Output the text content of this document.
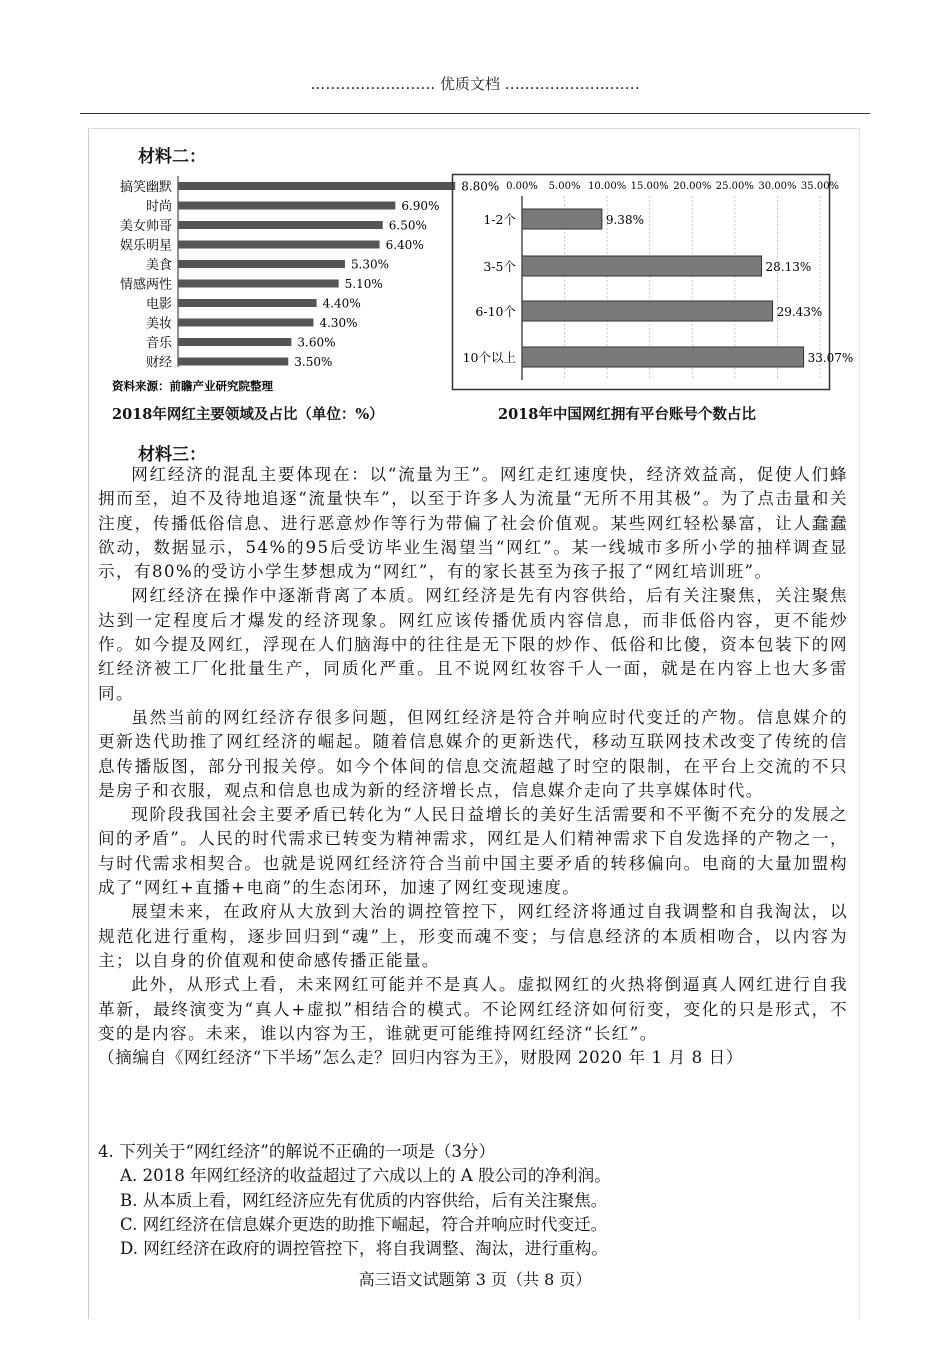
……………………. 优质文档 ………………………
材料二：
搞笑幽默	8.80%
时尚	6.90%
美女帅哥	6.50%
娱乐明星	6.40%
美食	5.30%
情感两性	5.10%
电影	4.40%
美妆	4.30%
音乐	3.60%
财经	3.50%
资料来源：前瞻产业研究院整理
2018年网红主要领域及占比（单位：%）
0.00% 5.00% 10.00% 15.00% 20.00% 25.00% 30.00% 35.00%
1-2个	9.38%
3-5个	28.13%
6-10个	29.43%
10个以上	33.07%
2018年中国网红拥有平台账号个数占比
材料三：

网红经济的混乱主要体现在：以“流量为王”。网红走红速度快，经济效益高，促使人们蜂拥而至，迫不及待地追逐“流量快车”，以至于许多人为流量“无所不用其极”。为了点击量和关注度，传播低俗信息、进行恶意炒作等行为带偏了社会价值观。某些网红轻松暴富，让人蠢蠢欲动，数据显示，54%的95后受访毕业生渴望当“网红”。某一线城市多所小学的抽样调查显示，有80%的受访小学生梦想成为“网红”，有的家长甚至为孩子报了“网红培训班”。

网红经济在操作中逐渐背离了本质。网红经济是先有内容供给，后有关注聚焦，关注聚焦达到一定程度后才爆发的经济现象。网红应该传播优质内容信息，而非低俗内容，更不能炒作。如今提及网红，浮现在人们脑海中的往往是无下限的炒作、低俗和比傻，资本包装下的网红经济被工厂化批量生产，同质化严重。且不说网红妆容千人一面，就是在内容上也大多雷同。

虽然当前的网红经济存很多问题，但网红经济是符合并响应时代变迁的产物。信息媒介的更新迭代助推了网红经济的崛起。随着信息媒介的更新迭代，移动互联网技术改变了传统的信息传播版图，部分刊报关停。如今个体间的信息交流超越了时空的限制，在平台上交流的不只是房子和衣服，观点和信息也成为新的经济增长点，信息媒介走向了共享媒体时代。

现阶段我国社会主要矛盾已转化为“人民日益增长的美好生活需要和不平衡不充分的发展之间的矛盾”。人民的时代需求已转变为精神需求，网红是人们精神需求下自发选择的产物之一，与时代需求相契合。也就是说网红经济符合当前中国主要矛盾的转移偏向。电商的大量加盟构成了“网红+直播+电商”的生态闭环，加速了网红变现速度。

展望未来，在政府从大放到大治的调控管控下，网红经济将通过自我调整和自我淘汰，以规范化进行重构，逐步回归到“魂”上，形变而魂不变；与信息经济的本质相吻合，以内容为主；以自身的价值观和使命感传播正能量。

此外，从形式上看，未来网红可能并不是真人。虚拟网红的火热将倒逼真人网红进行自我革新，最终演变为“真人+虚拟”相结合的模式。不论网红经济如何衍变，变化的只是形式，不变的是内容。未来，谁以内容为王，谁就更可能维持网红经济“长红”。

（摘编自《网红经济“下半场”怎么走？回归内容为王》，财股网 2020 年 1 月 8 日）

4. 下列关于“网红经济”的解说不正确的一项是（3分）

A. 2018 年网红经济的收益超过了六成以上的 A 股公司的净利润。

B. 从本质上看，网红经济应先有优质的内容供给，后有关注聚焦。

C. 网红经济在信息媒介更迭的助推下崛起，符合并响应时代变迁。

D. 网红经济在政府的调控管控下，将自我调整、淘汰，进行重构。

高三语文试题第 3 页（共 8 页）
